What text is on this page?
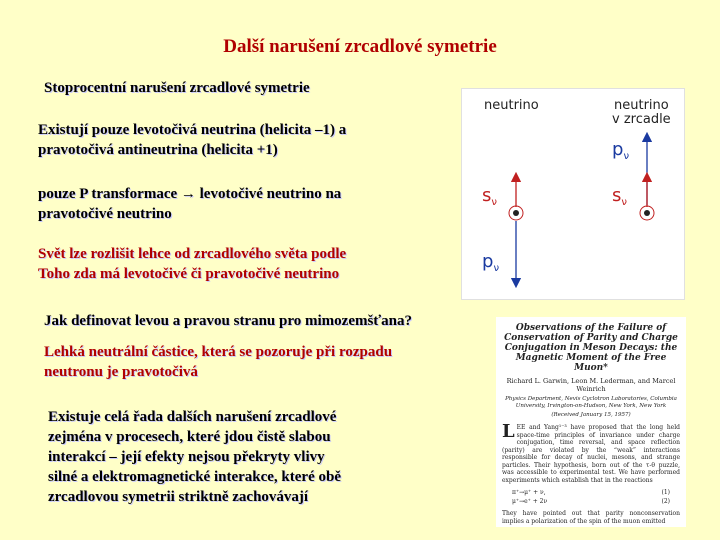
Další narušení zrcadlové symetrie
Stoprocentní narušení zrcadlové symetrie
Existují pouze levotočivá neutrina (helicita –1) a
pravotočivá antineutrina (helicita +1)
pouze P transformace → levotočivé neutrino na
pravotočivé neutrino
Svět lze rozlišit lehce od zrcadlového světa podle
Toho zda má levotočivé či pravotočivé neutrino
Jak definovat levou a pravou stranu pro mimozemšťana?
Lehká neutrální částice, která se pozoruje při rozpadu
neutronu je pravotočivá
Existuje celá řada dalších narušení zrcadlové
zejména v procesech, které jdou čistě slabou
interakcí – její efekty nejsou překryty vlivy
silné a elektromagnetické interakce, které obě
zrcadlovou symetrii striktně zachovávají
neutrino	neutrino
v zrcadle
$s_\nu$
$p_\nu$
$p_\nu$
$s_\nu$
Observations of the Failure of Conservation of Parity and Charge Conjugation in Meson Decays: the Magnetic Moment of the Free Muon*
Richard L. Garwin, Leon M. Lederman, and Marcel Weinrich
Physics Department, Nevis Cyclotron Laboratories, Columbia University, Irvington-on-Hudson, New York, New York
(Received January 15, 1957)
LEE and Yang¹⁻³ have proposed that the long held space-time principles of invariance under charge conjugation, time reversal, and space reflection (parity) are violated by the “weak” interactions responsible for decay of nuclei, mesons, and strange particles. Their hypothesis, born out of the τ-θ puzzle, was accessible to experimental test. We have performed experiments which establish that in the reactions
π⁺→μ⁺ + ν,	(1)
μ⁺→e⁺ + 2ν	(2)
They have pointed out that parity nonconservation implies a polarization of the spin of the muon emitted
